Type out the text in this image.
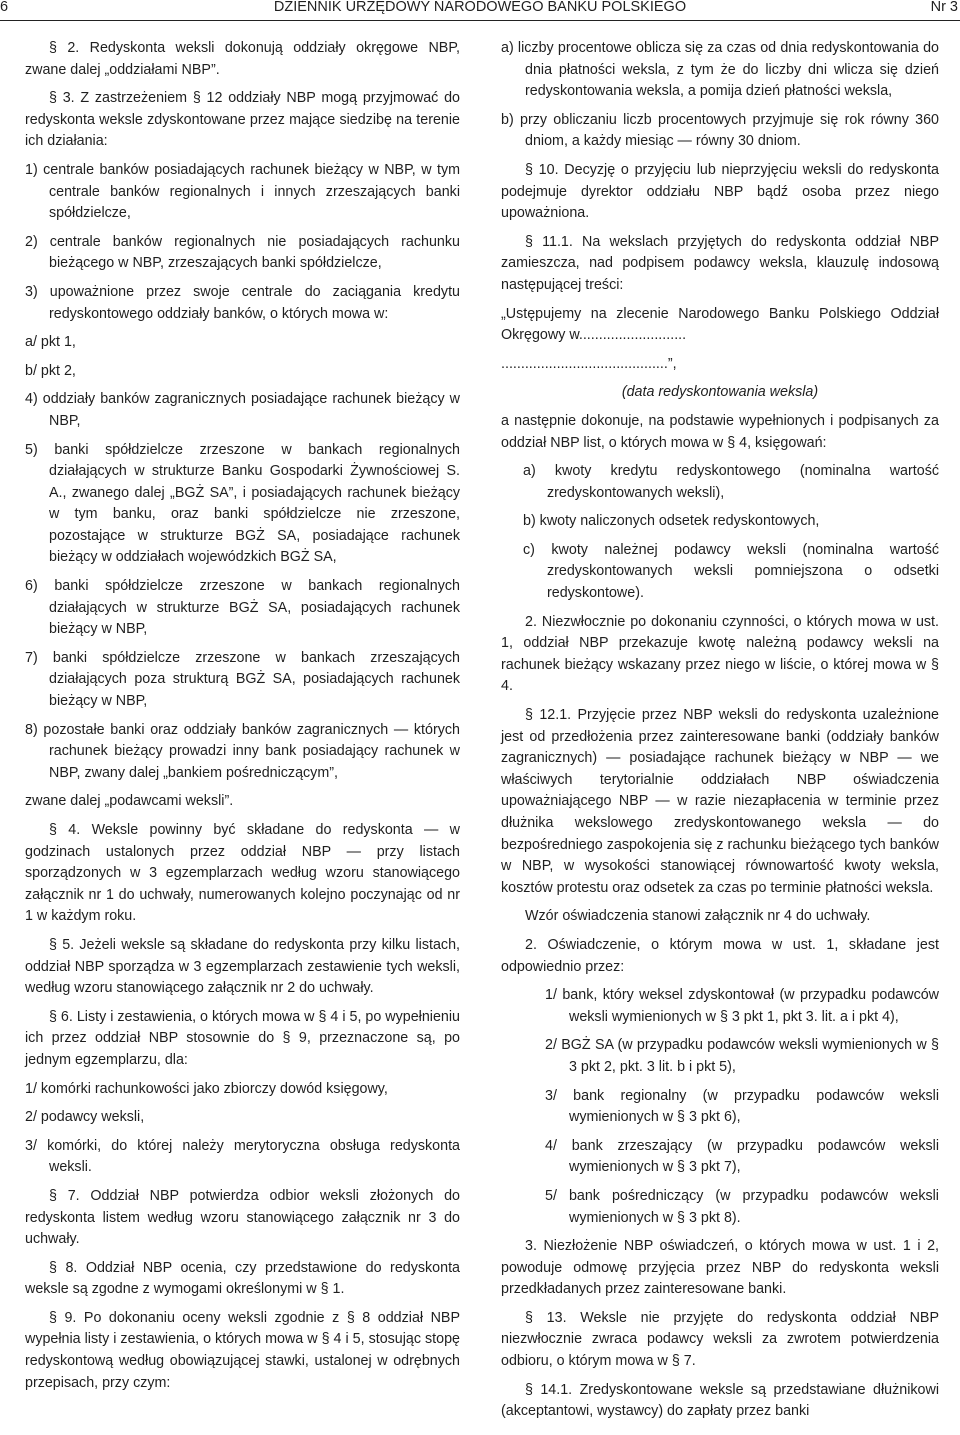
6	DZIENNIK URZĘDOWY NARODOWEGO BANKU POLSKIEGO	Nr 3

§ 2. Redyskonta weksli dokonują oddziały okręgowe NBP, zwane dalej „oddziałami NBP”.

§ 3. Z zastrzeżeniem § 12 oddziały NBP mogą przyjmować do redyskonta weksle zdyskontowane przez mające siedzibę na terenie ich działania:

1) centrale banków posiadających rachunek bieżący w NBP, w tym centrale banków regionalnych i innych zrzeszających banki spółdzielcze,

2) centrale banków regionalnych nie posiadających rachunku bieżącego w NBP, zrzeszających banki spółdzielcze,

3) upoważnione przez swoje centrale do zaciągania kredytu redyskontowego oddziały banków, o których mowa w:

a/ pkt 1,

b/ pkt 2,

4) oddziały banków zagranicznych posiadające rachunek bieżący w NBP,

5) banki spółdzielcze zrzeszone w bankach regionalnych działających w strukturze Banku Gospodarki Żywnościowej S. A., zwanego dalej „BGŻ SA”, i posiadających rachunek bieżący w tym banku, oraz banki spółdzielcze nie zrzeszone, pozostające w strukturze BGŻ SA, posiadające rachunek bieżący w oddziałach wojewódzkich BGŻ SA,

6) banki spółdzielcze zrzeszone w bankach regionalnych działających w strukturze BGŻ SA, posiadających rachunek bieżący w NBP,

7) banki spółdzielcze zrzeszone w bankach zrzeszających działających poza strukturą BGŻ SA, posiadających rachunek bieżący w NBP,

8) pozostałe banki oraz oddziały banków zagranicznych — których rachunek bieżący prowadzi inny bank posiadający rachunek w NBP, zwany dalej „bankiem pośredniczącym”,

zwane dalej „podawcami weksli”.

§ 4. Weksle powinny być składane do redyskonta — w godzinach ustalonych przez oddział NBP — przy listach sporządzonych w 3 egzemplarzach według wzoru stanowiącego załącznik nr 1 do uchwały, numerowanych kolejno poczynając od nr 1 w każdym roku.

§ 5. Jeżeli weksle są składane do redyskonta przy kilku listach, oddział NBP sporządza w 3 egzemplarzach zestawienie tych weksli, według wzoru stanowiącego załącznik nr 2 do uchwały.

§ 6. Listy i zestawienia, o których mowa w § 4 i 5, po wypełnieniu ich przez oddział NBP stosownie do § 9, przeznaczone są, po jednym egzemplarzu, dla:

1/ komórki rachunkowości jako zbiorczy dowód księgowy,

2/ podawcy weksli,

3/ komórki, do której należy merytoryczna obsługa redyskonta weksli.

§ 7. Oddział NBP potwierdza odbior weksli złożonych do redyskonta listem według wzoru stanowiącego załącznik nr 3 do uchwały.

§ 8. Oddział NBP ocenia, czy przedstawione do redyskonta weksle są zgodne z wymogami określonymi w § 1.

§ 9. Po dokonaniu oceny weksli zgodnie z § 8 oddział NBP wypełnia listy i zestawienia, o których mowa w § 4 i 5, stosując stopę redyskontową według obowiązującej stawki, ustalonej w odrębnych przepisach, przy czym:

a) liczby procentowe oblicza się za czas od dnia redyskontowania do dnia płatności weksla, z tym że do liczby dni wlicza się dzień redyskontowania weksla, a pomija dzień płatności weksla,

b) przy obliczaniu liczb procentowych przyjmuje się rok równy 360 dniom, a każdy miesiąc — równy 30 dniom.

§ 10. Decyzję o przyjęciu lub nieprzyjęciu weksli do redyskonta podejmuje dyrektor oddziału NBP bądź osoba przez niego upoważniona.

§ 11.1. Na wekslach przyjętych do redyskonta oddział NBP zamieszcza, nad podpisem podawcy weksla, klauzulę indosową następującej treści:

„Ustępujemy na zlecenie Narodowego Banku Polskiego Oddział Okręgowy w...........................

..........................................”,

(data redyskontowania weksla)

a następnie dokonuje, na podstawie wypełnionych i podpisanych za oddział NBP list, o których mowa w § 4, księgowań:

a) kwoty kredytu redyskontowego (nominalna wartość zredyskontowanych weksli),

b) kwoty naliczonych odsetek redyskontowych,

c) kwoty należnej podawcy weksli (nominalna wartość zredyskontowanych weksli pomniejszona o odsetki redyskontowe).

2. Niezwłocznie po dokonaniu czynności, o których mowa w ust. 1, oddział NBP przekazuje kwotę należną podawcy weksli na rachunek bieżący wskazany przez niego w liście, o której mowa w § 4.

§ 12.1. Przyjęcie przez NBP weksli do redyskonta uzależnione jest od przedłożenia przez zainteresowane banki (oddziały banków zagranicznych) — posiadające rachunek bieżący w NBP — we właściwych terytorialnie oddziałach NBP oświadczenia upoważniającego NBP — w razie niezapłacenia w terminie przez dłużnika wekslowego zredyskontowanego weksla — do bezpośredniego zaspokojenia się z rachunku bieżącego tych banków w NBP, w wysokości stanowiącej równowartość kwoty weksla, kosztów protestu oraz odsetek za czas po terminie płatności weksla.

Wzór oświadczenia stanowi załącznik nr 4 do uchwały.

2. Oświadczenie, o którym mowa w ust. 1, składane jest odpowiednio przez:

1/ bank, który weksel zdyskontował (w przypadku podawców weksli wymienionych w § 3 pkt 1, pkt 3. lit. a i pkt 4),

2/ BGŻ SA (w przypadku podawców weksli wymienionych w § 3 pkt 2, pkt. 3 lit. b i pkt 5),

3/ bank regionalny (w przypadku podawców weksli wymienionych w § 3 pkt 6),

4/ bank zrzeszający (w przypadku podawców weksli wymienionych w § 3 pkt 7),

5/ bank pośredniczący (w przypadku podawców weksli wymienionych w § 3 pkt 8).

3. Niezłożenie NBP oświadczeń, o których mowa w ust. 1 i 2, powoduje odmowę przyjęcia przez NBP do redyskonta weksli przedkładanych przez zainteresowane banki.

§ 13. Weksle nie przyjęte do redyskonta oddział NBP niezwłocznie zwraca podawcy weksli za zwrotem potwierdzenia odbioru, o którym mowa w § 7.

§ 14.1. Zredyskontowane weksle są przedstawiane dłużnikowi (akceptantowi, wystawcy) do zapłaty przez banki
